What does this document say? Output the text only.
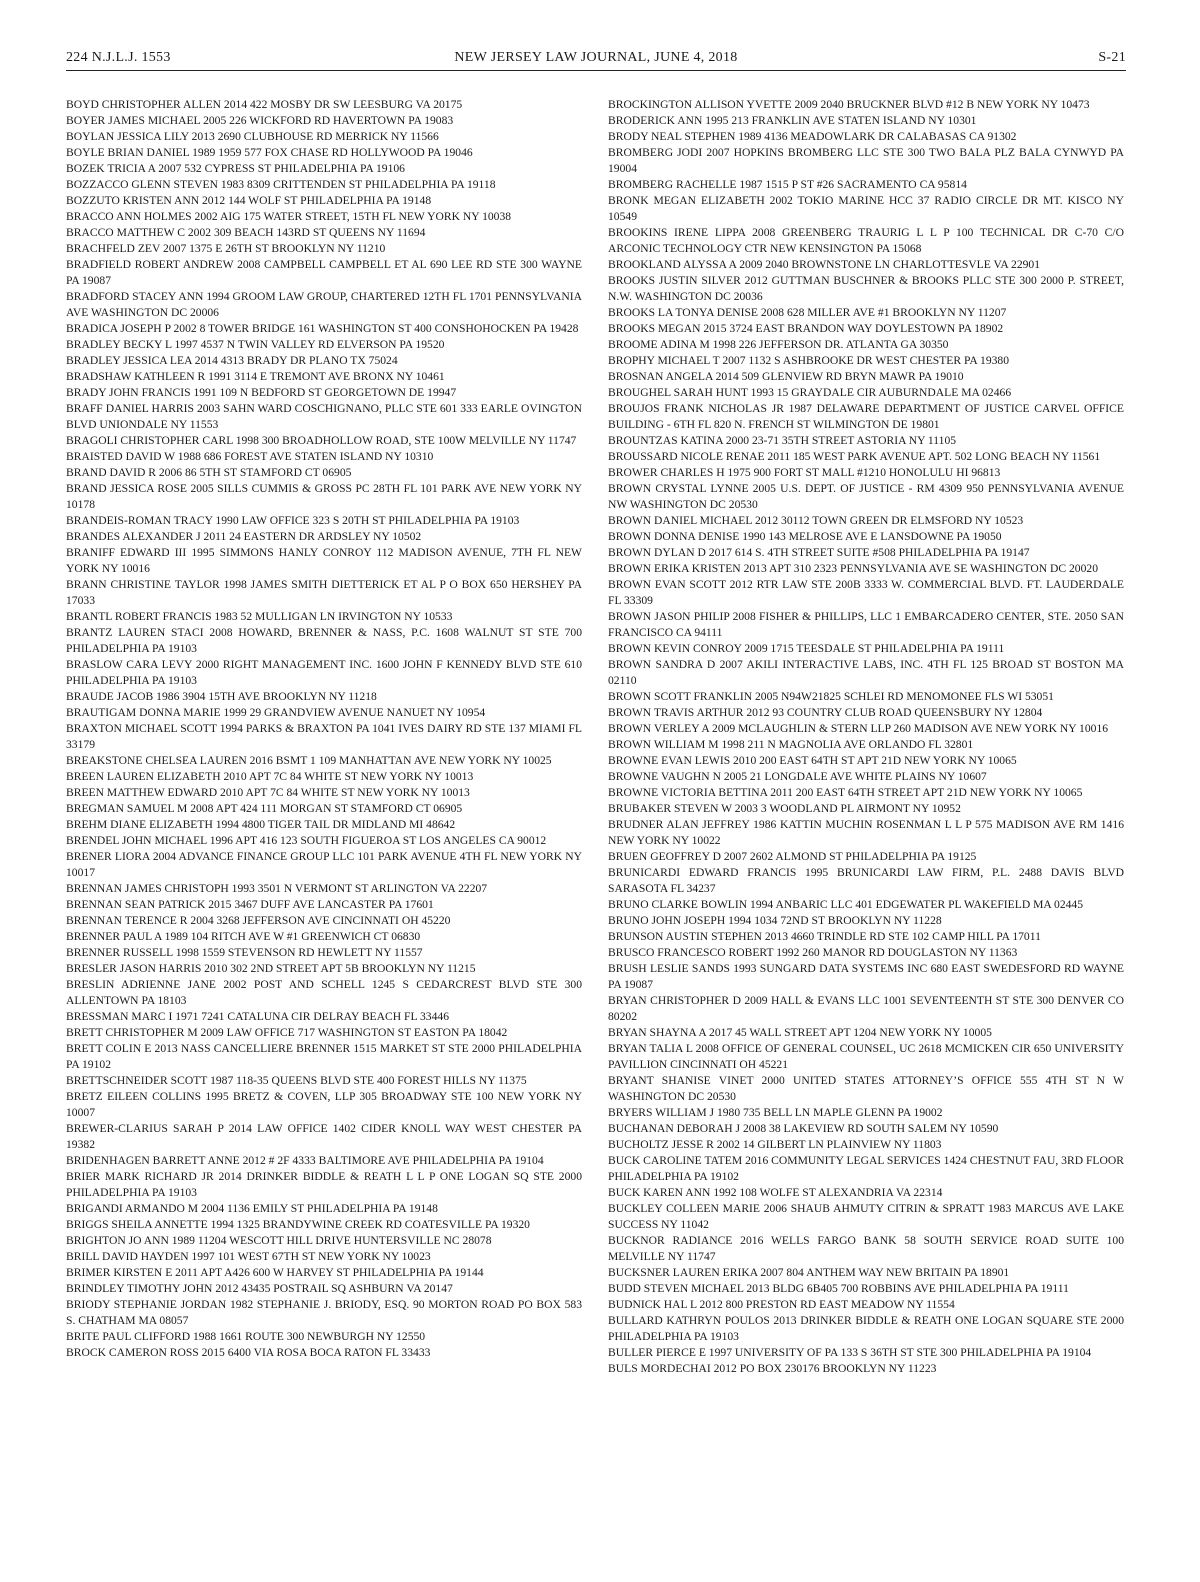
224 N.J.L.J. 1553	NEW JERSEY LAW JOURNAL, JUNE 4, 2018	S-21

BOYD CHRISTOPHER ALLEN 2014 422 MOSBY DR SW LEESBURG VA 20175

BOYER JAMES MICHAEL 2005 226 WICKFORD RD HAVERTOWN PA 19083

BOYLAN JESSICA LILY 2013 2690 CLUBHOUSE RD MERRICK NY 11566

BOYLE BRIAN DANIEL 1989 1959 577 FOX CHASE RD HOLLYWOOD PA 19046

BOZEK TRICIA A 2007 532 CYPRESS ST PHILADELPHIA PA 19106

BOZZACCO GLENN STEVEN 1983 8309 CRITTENDEN ST PHILADELPHIA PA 19118

BOZZUTO KRISTEN ANN 2012 144 WOLF ST PHILADELPHIA PA 19148

BRACCO ANN HOLMES 2002 AIG 175 WATER STREET, 15TH FL NEW YORK NY 10038

BRACCO MATTHEW C 2002 309 BEACH 143RD ST QUEENS NY 11694

BRACHFELD ZEV 2007 1375 E 26TH ST BROOKLYN NY 11210

BRADFIELD ROBERT ANDREW 2008 CAMPBELL CAMPBELL ET AL 690 LEE RD STE 300 WAYNE PA 19087

BRADFORD STACEY ANN 1994 GROOM LAW GROUP, CHARTERED 12TH FL 1701 PENNSYLVANIA AVE WASHINGTON DC 20006

BRADICA JOSEPH P 2002 8 TOWER BRIDGE 161 WASHINGTON ST 400 CONSHOHOCKEN PA 19428

BRADLEY BECKY L 1997 4537 N TWIN VALLEY RD ELVERSON PA 19520

BRADLEY JESSICA LEA 2014 4313 BRADY DR PLANO TX 75024

BRADSHAW KATHLEEN R 1991 3114 E TREMONT AVE BRONX NY 10461

BRADY JOHN FRANCIS 1991 109 N BEDFORD ST GEORGETOWN DE 19947

BRAFF DANIEL HARRIS 2003 SAHN WARD COSCHIGNANO, PLLC STE 601 333 EARLE OVINGTON BLVD UNIONDALE NY 11553

BRAGOLI CHRISTOPHER CARL 1998 300 BROADHOLLOW ROAD, STE 100W MELVILLE NY 11747

BRAISTED DAVID W 1988 686 FOREST AVE STATEN ISLAND NY 10310

BRAND DAVID R 2006 86 5TH ST STAMFORD CT 06905

BRAND JESSICA ROSE 2005 SILLS CUMMIS & GROSS PC 28TH FL 101 PARK AVE NEW YORK NY 10178

BRANDEIS-ROMAN TRACY 1990 LAW OFFICE 323 S 20TH ST PHILADELPHIA PA 19103

BRANDES ALEXANDER J 2011 24 EASTERN DR ARDSLEY NY 10502

BRANIFF EDWARD III 1995 SIMMONS HANLY CONROY 112 MADISON AVENUE, 7TH FL NEW YORK NY 10016

BRANN CHRISTINE TAYLOR 1998 JAMES SMITH DIETTERICK ET AL P O BOX 650 HERSHEY PA 17033

BRANTL ROBERT FRANCIS 1983 52 MULLIGAN LN IRVINGTON NY 10533

BRANTZ LAUREN STACI 2008 HOWARD, BRENNER & NASS, P.C. 1608 WALNUT ST STE 700 PHILADELPHIA PA 19103

BRASLOW CARA LEVY 2000 RIGHT MANAGEMENT INC. 1600 JOHN F KENNEDY BLVD STE 610 PHILADELPHIA PA 19103

BRAUDE JACOB 1986 3904 15TH AVE BROOKLYN NY 11218

BRAUTIGAM DONNA MARIE 1999 29 GRANDVIEW AVENUE NANUET NY 10954

BRAXTON MICHAEL SCOTT 1994 PARKS & BRAXTON PA 1041 IVES DAIRY RD STE 137 MIAMI FL 33179

BREAKSTONE CHELSEA LAUREN 2016 BSMT 1 109 MANHATTAN AVE NEW YORK NY 10025

BREEN LAUREN ELIZABETH 2010 APT 7C 84 WHITE ST NEW YORK NY 10013

BREEN MATTHEW EDWARD 2010 APT 7C 84 WHITE ST NEW YORK NY 10013

BREGMAN SAMUEL M 2008 APT 424 111 MORGAN ST STAMFORD CT 06905

BREHM DIANE ELIZABETH 1994 4800 TIGER TAIL DR MIDLAND MI 48642

BRENDEL JOHN MICHAEL 1996 APT 416 123 SOUTH FIGUEROA ST LOS ANGELES CA 90012

BRENER LIORA 2004 ADVANCE FINANCE GROUP LLC 101 PARK AVENUE 4TH FL NEW YORK NY 10017

BRENNAN JAMES CHRISTOPH 1993 3501 N VERMONT ST ARLINGTON VA 22207

BRENNAN SEAN PATRICK 2015 3467 DUFF AVE LANCASTER PA 17601

BRENNAN TERENCE R 2004 3268 JEFFERSON AVE CINCINNATI OH 45220

BRENNER PAUL A 1989 104 RITCH AVE W #1 GREENWICH CT 06830

BRENNER RUSSELL 1998 1559 STEVENSON RD HEWLETT NY 11557

BRESLER JASON HARRIS 2010 302 2ND STREET APT 5B BROOKLYN NY 11215

BRESLIN ADRIENNE JANE 2002 POST AND SCHELL 1245 S CEDARCREST BLVD STE 300 ALLENTOWN PA 18103

BRESSMAN MARC I 1971 7241 CATALUNA CIR DELRAY BEACH FL 33446

BRETT CHRISTOPHER M 2009 LAW OFFICE 717 WASHINGTON ST EASTON PA 18042

BRETT COLIN E 2013 NASS CANCELLIERE BRENNER 1515 MARKET ST STE 2000 PHILADELPHIA PA 19102

BRETTSCHNEIDER SCOTT 1987 118-35 QUEENS BLVD STE 400 FOREST HILLS NY 11375

BRETZ EILEEN COLLINS 1995 BRETZ & COVEN, LLP 305 BROADWAY STE 100 NEW YORK NY 10007

BREWER-CLARIUS SARAH P 2014 LAW OFFICE 1402 CIDER KNOLL WAY WEST CHESTER PA 19382

BRIDENHAGEN BARRETT ANNE 2012 # 2F 4333 BALTIMORE AVE PHILADELPHIA PA 19104

BRIER MARK RICHARD JR 2014 DRINKER BIDDLE & REATH L L P ONE LOGAN SQ STE 2000 PHILADELPHIA PA 19103

BRIGANDI ARMANDO M 2004 1136 EMILY ST PHILADELPHIA PA 19148

BRIGGS SHEILA ANNETTE 1994 1325 BRANDYWINE CREEK RD COATESVILLE PA 19320

BRIGHTON JO ANN 1989 11204 WESCOTT HILL DRIVE HUNTERSVILLE NC 28078

BRILL DAVID HAYDEN 1997 101 WEST 67TH ST NEW YORK NY 10023

BRIMER KIRSTEN E 2011 APT A426 600 W HARVEY ST PHILADELPHIA PA 19144

BRINDLEY TIMOTHY JOHN 2012 43435 POSTRAIL SQ ASHBURN VA 20147

BRIODY STEPHANIE JORDAN 1982 STEPHANIE J. BRIODY, ESQ. 90 MORTON ROAD PO BOX 583 S. CHATHAM MA 08057

BRITE PAUL CLIFFORD 1988 1661 ROUTE 300 NEWBURGH NY 12550

BROCK CAMERON ROSS 2015 6400 VIA ROSA BOCA RATON FL 33433

BROCKINGTON ALLISON YVETTE 2009 2040 BRUCKNER BLVD #12 B NEW YORK NY 10473

BRODERICK ANN 1995 213 FRANKLIN AVE STATEN ISLAND NY 10301

BRODY NEAL STEPHEN 1989 4136 MEADOWLARK DR CALABASAS CA 91302

BROMBERG JODI 2007 HOPKINS BROMBERG LLC STE 300 TWO BALA PLZ BALA CYNWYD PA 19004

BROMBERG RACHELLE 1987 1515 P ST #26 SACRAMENTO CA 95814

BRONK MEGAN ELIZABETH 2002 TOKIO MARINE HCC 37 RADIO CIRCLE DR MT. KISCO NY 10549

BROOKINS IRENE LIPPA 2008 GREENBERG TRAURIG L L P 100 TECHNICAL DR C-70 C/O ARCONIC TECHNOLOGY CTR NEW KENSINGTON PA 15068

BROOKLAND ALYSSA A 2009 2040 BROWNSTONE LN CHARLOTTESVLE VA 22901

BROOKS JUSTIN SILVER 2012 GUTTMAN BUSCHNER & BROOKS PLLC STE 300 2000 P. STREET, N.W. WASHINGTON DC 20036

BROOKS LA TONYA DENISE 2008 628 MILLER AVE #1 BROOKLYN NY 11207

BROOKS MEGAN 2015 3724 EAST BRANDON WAY DOYLESTOWN PA 18902

BROOME ADINA M 1998 226 JEFFERSON DR. ATLANTA GA 30350

BROPHY MICHAEL T 2007 1132 S ASHBROOKE DR WEST CHESTER PA 19380

BROSNAN ANGELA 2014 509 GLENVIEW RD BRYN MAWR PA 19010

BROUGHEL SARAH HUNT 1993 15 GRAYDALE CIR AUBURNDALE MA 02466

BROUJOS FRANK NICHOLAS JR 1987 DELAWARE DEPARTMENT OF JUSTICE CARVEL OFFICE BUILDING - 6TH FL 820 N. FRENCH ST WILMINGTON DE 19801

BROUNTZAS KATINA 2000 23-71 35TH STREET ASTORIA NY 11105

BROUSSARD NICOLE RENAE 2011 185 WEST PARK AVENUE APT. 502 LONG BEACH NY 11561

BROWER CHARLES H 1975 900 FORT ST MALL #1210 HONOLULU HI 96813

BROWN CRYSTAL LYNNE 2005 U.S. DEPT. OF JUSTICE - RM 4309 950 PENNSYLVANIA AVENUE NW WASHINGTON DC 20530

BROWN DANIEL MICHAEL 2012 30112 TOWN GREEN DR ELMSFORD NY 10523

BROWN DONNA DENISE 1990 143 MELROSE AVE E LANSDOWNE PA 19050

BROWN DYLAN D 2017 614 S. 4TH STREET SUITE #508 PHILADELPHIA PA 19147

BROWN ERIKA KRISTEN 2013 APT 310 2323 PENNSYLVANIA AVE SE WASHINGTON DC 20020

BROWN EVAN SCOTT 2012 RTR LAW STE 200B 3333 W. COMMERCIAL BLVD. FT. LAUDERDALE FL 33309

BROWN JASON PHILIP 2008 FISHER & PHILLIPS, LLC 1 EMBARCADERO CENTER, STE. 2050 SAN FRANCISCO CA 94111

BROWN KEVIN CONROY 2009 1715 TEESDALE ST PHILADELPHIA PA 19111

BROWN SANDRA D 2007 AKILI INTERACTIVE LABS, INC. 4TH FL 125 BROAD ST BOSTON MA 02110

BROWN SCOTT FRANKLIN 2005 N94W21825 SCHLEI RD MENOMONEE FLS WI 53051

BROWN TRAVIS ARTHUR 2012 93 COUNTRY CLUB ROAD QUEENSBURY NY 12804

BROWN VERLEY A 2009 MCLAUGHLIN & STERN LLP 260 MADISON AVE NEW YORK NY 10016

BROWN WILLIAM M 1998 211 N MAGNOLIA AVE ORLANDO FL 32801

BROWNE EVAN LEWIS 2010 200 EAST 64TH ST APT 21D NEW YORK NY 10065

BROWNE VAUGHN N 2005 21 LONGDALE AVE WHITE PLAINS NY 10607

BROWNE VICTORIA BETTINA 2011 200 EAST 64TH STREET APT 21D NEW YORK NY 10065

BRUBAKER STEVEN W 2003 3 WOODLAND PL AIRMONT NY 10952

BRUDNER ALAN JEFFREY 1986 KATTIN MUCHIN ROSENMAN L L P 575 MADISON AVE RM 1416 NEW YORK NY 10022

BRUEN GEOFFREY D 2007 2602 ALMOND ST PHILADELPHIA PA 19125

BRUNICARDI EDWARD FRANCIS 1995 BRUNICARDI LAW FIRM, P.L. 2488 DAVIS BLVD SARASOTA FL 34237

BRUNO CLARKE BOWLIN 1994 ANBARIC LLC 401 EDGEWATER PL WAKEFIELD MA 02445

BRUNO JOHN JOSEPH 1994 1034 72ND ST BROOKLYN NY 11228

BRUNSON AUSTIN STEPHEN 2013 4660 TRINDLE RD STE 102 CAMP HILL PA 17011

BRUSCO FRANCESCO ROBERT 1992 260 MANOR RD DOUGLASTON NY 11363

BRUSH LESLIE SANDS 1993 SUNGARD DATA SYSTEMS INC 680 EAST SWEDESFORD RD WAYNE PA 19087

BRYAN CHRISTOPHER D 2009 HALL & EVANS LLC 1001 SEVENTEENTH ST STE 300 DENVER CO 80202

BRYAN SHAYNA A 2017 45 WALL STREET APT 1204 NEW YORK NY 10005

BRYAN TALIA L 2008 OFFICE OF GENERAL COUNSEL, UC 2618 MCMICKEN CIR 650 UNIVERSITY PAVILLION CINCINNATI OH 45221

BRYANT SHANISE VINET 2000 UNITED STATES ATTORNEY’S OFFICE 555 4TH ST N W WASHINGTON DC 20530

BRYERS WILLIAM J 1980 735 BELL LN MAPLE GLENN PA 19002

BUCHANAN DEBORAH J 2008 38 LAKEVIEW RD SOUTH SALEM NY 10590

BUCHOLTZ JESSE R 2002 14 GILBERT LN PLAINVIEW NY 11803

BUCK CAROLINE TATEM 2016 COMMUNITY LEGAL SERVICES 1424 CHESTNUT FAU, 3RD FLOOR PHILADELPHIA PA 19102

BUCK KAREN ANN 1992 108 WOLFE ST ALEXANDRIA VA 22314

BUCKLEY COLLEEN MARIE 2006 SHAUB AHMUTY CITRIN & SPRATT 1983 MARCUS AVE LAKE SUCCESS NY 11042

BUCKNOR RADIANCE 2016 WELLS FARGO BANK 58 SOUTH SERVICE ROAD SUITE 100 MELVILLE NY 11747

BUCKSNER LAUREN ERIKA 2007 804 ANTHEM WAY NEW BRITAIN PA 18901

BUDD STEVEN MICHAEL 2013 BLDG 6B405 700 ROBBINS AVE PHILADELPHIA PA 19111

BUDNICK HAL L 2012 800 PRESTON RD EAST MEADOW NY 11554

BULLARD KATHRYN POULOS 2013 DRINKER BIDDLE & REATH ONE LOGAN SQUARE STE 2000 PHILADELPHIA PA 19103

BULLER PIERCE E 1997 UNIVERSITY OF PA 133 S 36TH ST STE 300 PHILADELPHIA PA 19104

BULS MORDECHAI 2012 PO BOX 230176 BROOKLYN NY 11223
